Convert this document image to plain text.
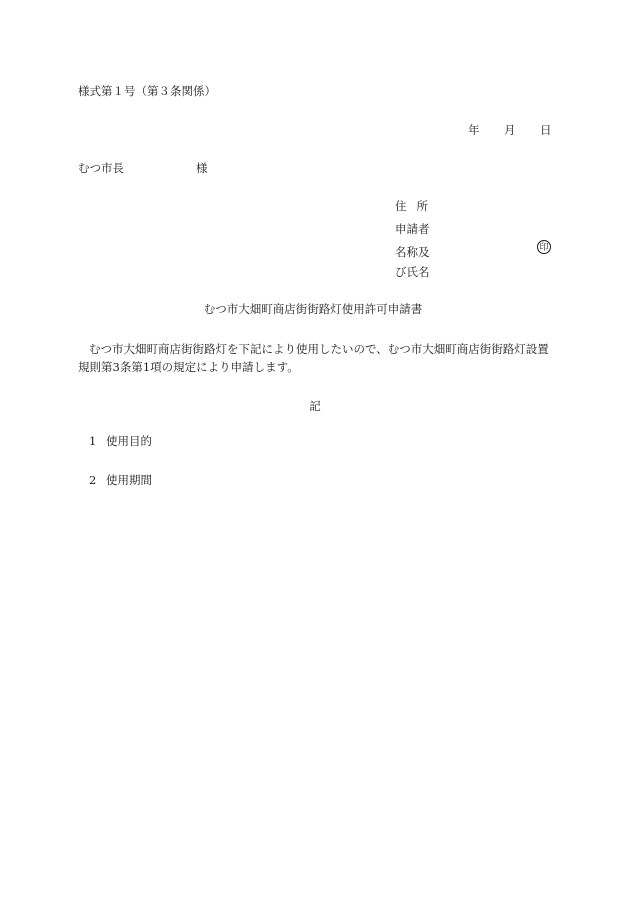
様式第１号（第３条関係）
年 月 日
むつ市長	様
住所
申請者
名称及
び氏名
印
むつ市大畑町商店街街路灯使用許可申請書
むつ市大畑町商店街街路灯を下記により使用したいので、むつ市大畑町商店街街路灯設置規則第3条第1項の規定により申請します。
記
1 使用目的
2 使用期間
